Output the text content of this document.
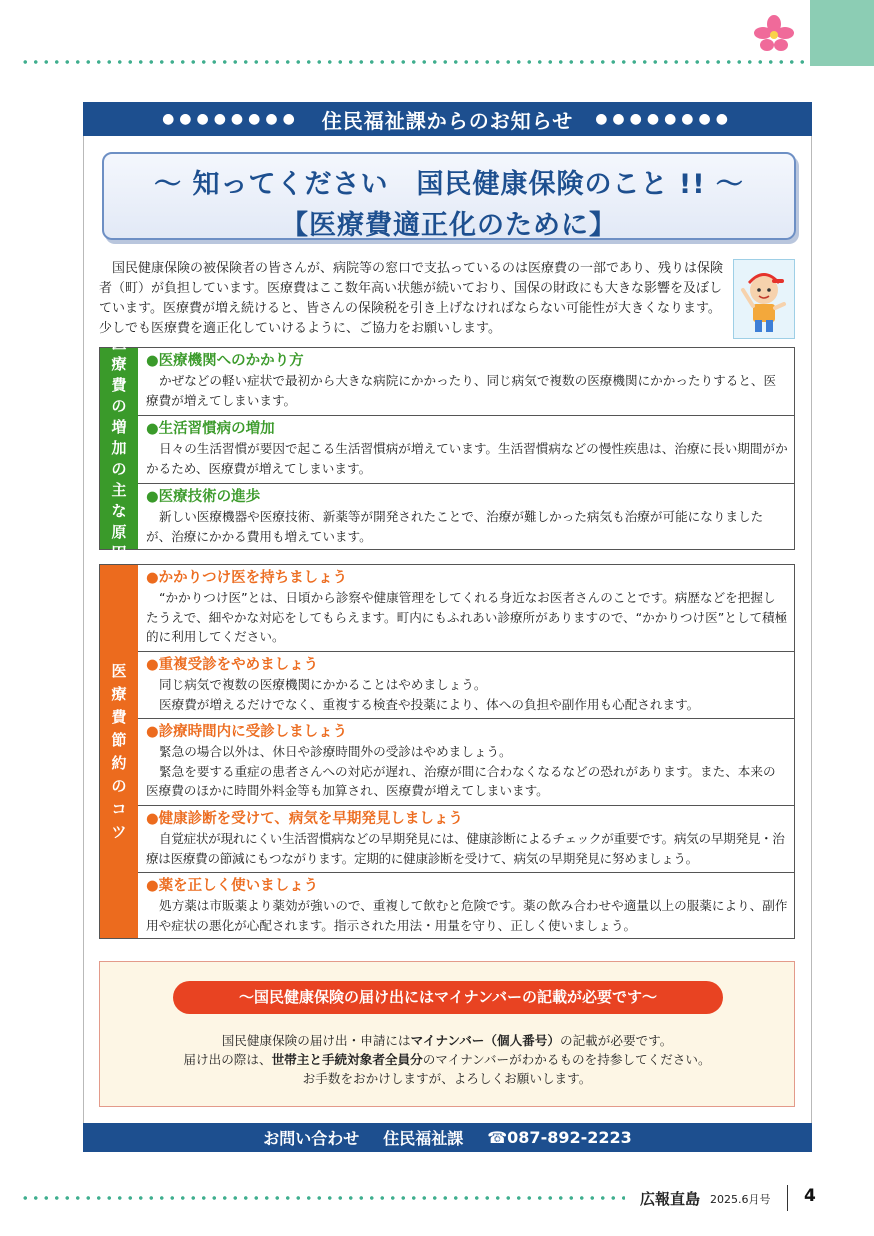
●●●●●●●● 住民福祉課からのお知らせ ●●●●●●●●
～ 知ってください　国民健康保険のこと !! ～
【医療費適正化のために】
国民健康保険の被保険者の皆さんが、病院等の窓口で支払っているのは医療費の一部であり、残りは保険者（町）が負担しています。医療費はここ数年高い状態が続いており、国保の財政にも大きな影響を及ぼしています。医療費が増え続けると、皆さんの保険税を引き上げなければならない可能性が大きくなります。少しでも医療費を適正化していけるように、ご協力をお願いします。
医療費の増加の主な原因
●医療機関へのかかり方

かぜなどの軽い症状で最初から大きな病院にかかったり、同じ病気で複数の医療機関にかかったりすると、医療費が増えてしまいます。

●生活習慣病の増加

日々の生活習慣が要因で起こる生活習慣病が増えています。生活習慣病などの慢性疾患は、治療に長い期間がかかるため、医療費が増えてしまいます。

●医療技術の進歩

新しい医療機器や医療技術、新薬等が開発されたことで、治療が難しかった病気も治療が可能になりましたが、治療にかかる費用も増えています。

医療費節約のコツ
●かかりつけ医を持ちましょう

“かかりつけ医”とは、日頃から診察や健康管理をしてくれる身近なお医者さんのことです。病歴などを把握したうえで、細やかな対応をしてもらえます。町内にもふれあい診療所がありますので、“かかりつけ医”として積極的に利用してください。

●重複受診をやめましょう

同じ病気で複数の医療機関にかかることはやめましょう。

医療費が増えるだけでなく、重複する検査や投薬により、体への負担や副作用も心配されます。

●診療時間内に受診しましょう

緊急の場合以外は、休日や診療時間外の受診はやめましょう。

緊急を要する重症の患者さんへの対応が遅れ、治療が間に合わなくなるなどの恐れがあります。また、本来の医療費のほかに時間外料金等も加算され、医療費が増えてしまいます。

●健康診断を受けて、病気を早期発見しましょう

自覚症状が現れにくい生活習慣病などの早期発見には、健康診断によるチェックが重要です。病気の早期発見・治療は医療費の節減にもつながります。定期的に健康診断を受けて、病気の早期発見に努めましょう。

●薬を正しく使いましょう

処方薬は市販薬より薬効が強いので、重複して飲むと危険です。薬の飲み合わせや適量以上の服薬により、副作用や症状の悪化が心配されます。指示された用法・用量を守り、正しく使いましょう。

～国民健康保険の届け出にはマイナンバーの記載が必要です～
国民健康保険の届け出・申請にはマイナンバー（個人番号）の記載が必要です。
届け出の際は、世帯主と手続対象者全員分のマイナンバーがわかるものを持参してください。
お手数をおかけしますが、よろしくお願いします。
お問い合わせ 住民福祉課 ☎087-892-2223
広報直島 2025.6月号 4
